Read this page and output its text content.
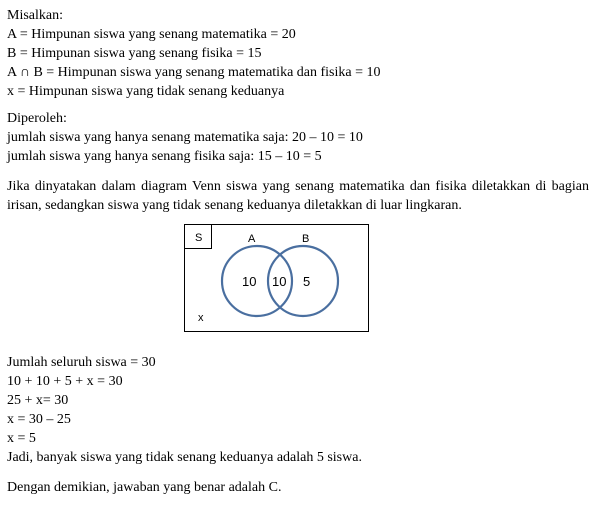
Misalkan:
A = Himpunan siswa yang senang matematika = 20
B = Himpunan siswa yang senang fisika = 15
A ∩ B = Himpunan siswa yang senang matematika dan fisika = 10
x = Himpunan siswa yang tidak senang keduanya
Diperoleh:
jumlah siswa yang hanya senang matematika saja: 20 – 10 = 10
jumlah siswa yang hanya senang fisika saja: 15 – 10 = 5
Jika dinyatakan dalam diagram Venn siswa yang senang matematika dan fisika diletakkan di bagian irisan, sedangkan siswa yang tidak senang keduanya diletakkan di luar lingkaran.
S	A	B
10 10 5
x
Jumlah seluruh siswa = 30
10 + 10 + 5 + x = 30
25 + x= 30
x = 30 – 25
x = 5
Jadi, banyak siswa yang tidak senang keduanya adalah 5 siswa.
Dengan demikian, jawaban yang benar adalah C.
